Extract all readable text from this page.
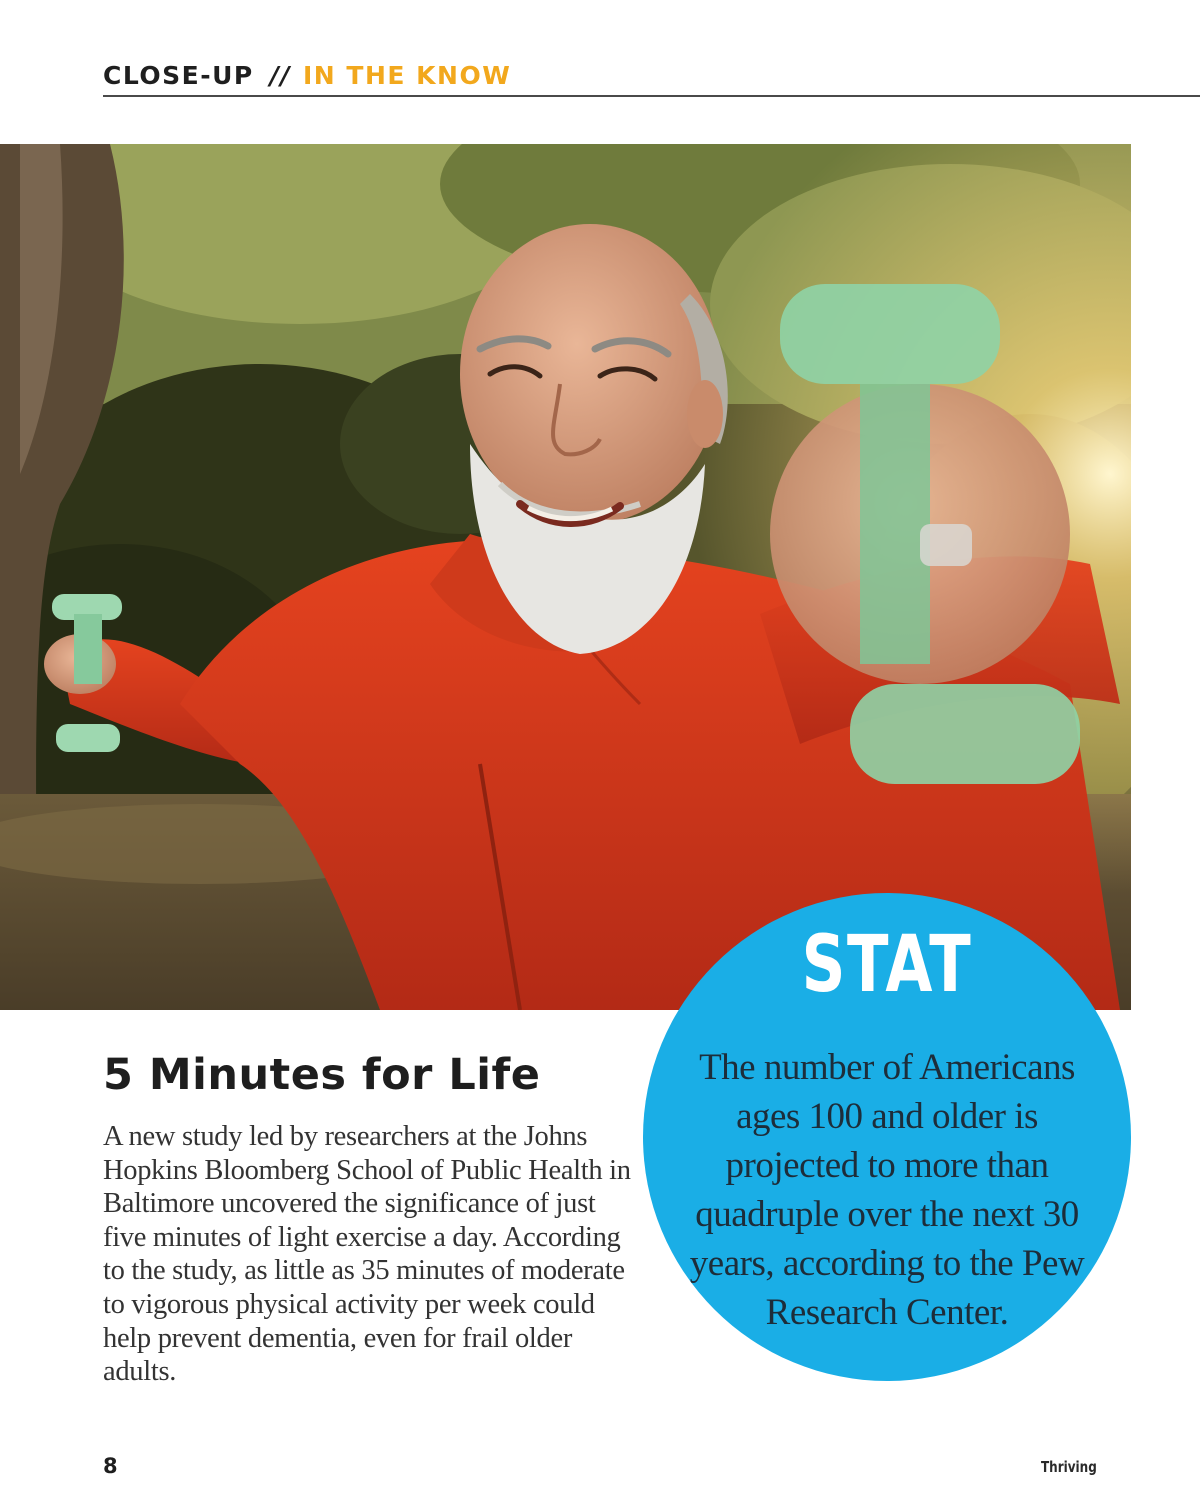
CLOSE-UP // IN THE KNOW
5 Minutes for Life

A new study led by researchers at the Johns Hopkins Bloomberg School of Public Health in Baltimore uncovered the significance of just five minutes of light exercise a day. According to the study, as little as 35 minutes of moderate to vigorous physical activity per week could help prevent dementia, even for frail older adults.

STAT

The number of Americans ages 100 and older is projected to more than quadruple over the next 30 years, according to the Pew Research Center.

8	Thriving
